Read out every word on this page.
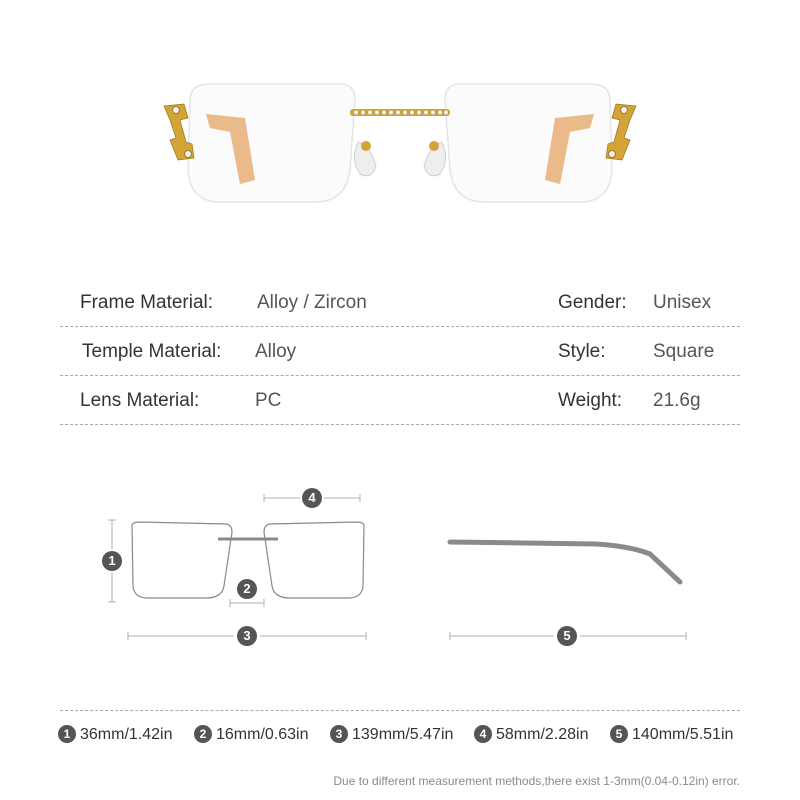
Frame Material: Alloy / Zircon	Gender: Unisex
Temple Material: Alloy	Style: Square
Lens Material:	PC	Weight: 21.6g
4
1
2
3	5
1 36mm/1.42in	2 16mm/0.63in	3 139mm/5.47in	4 58mm/2.28in	5 140mm/5.51in
Due to different measurement methods,there exist 1-3mm(0.04-0.12in) error.
